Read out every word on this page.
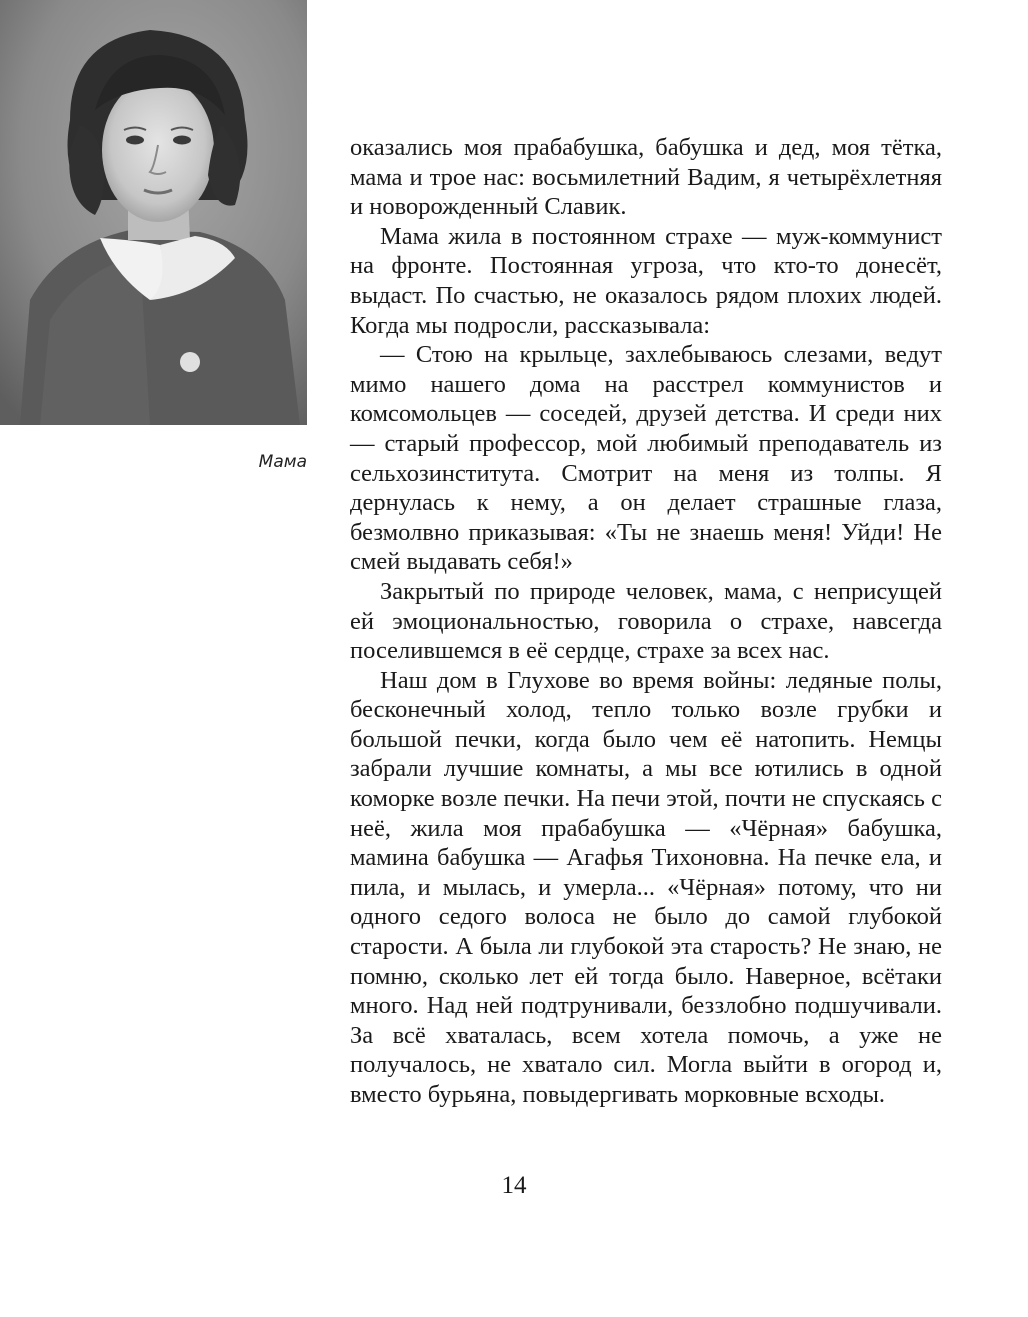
Мама

оказались моя прабабушка, бабушка и дед, моя тётка, мама и трое нас: восьмилетний Вадим, я четырёхлетняя и новорожденный Славик.

Мама жила в постоянном страхе — муж-коммунист на фронте. Постоянная угроза, что кто-то донесёт, выдаст. По счастью, не оказалось рядом плохих людей. Когда мы подросли, рассказывала:

— Стою на крыльце, захлебываюсь слезами, ведут мимо нашего дома на расстрел коммунистов и комсомольцев — соседей, друзей детства. И среди них — старый профессор, мой любимый преподаватель из сельхозинститута. Смотрит на меня из толпы. Я дернулась к нему, а он делает страшные глаза, безмолвно приказывая: «Ты не знаешь меня! Уйди! Не смей выдавать себя!»

Закрытый по природе человек, мама, с неприсущей ей эмоциональностью, говорила о страхе, навсегда поселившемся в её сердце, страхе за всех нас.

Наш дом в Глухове во время войны: ледяные полы, бесконечный холод, тепло только возле грубки и большой печки, когда было чем её натопить. Немцы забрали лучшие комнаты, а мы все ютились в одной коморке возле печки. На печи этой, почти не спускаясь с неё, жила моя прабабушка — «Чёрная» бабушка, мамина бабушка — Агафья Тихоновна. На печке ела, и пила, и мылась, и умерла... «Чёрная» потому, что ни одного седого волоса не было до самой глубокой старости. А была ли глубокой эта старость? Не знаю, не помню, сколько лет ей тогда было. Наверное, всётаки много. Над ней подтрунивали, беззлобно подшучивали. За всё хваталась, всем хотела помочь, а уже не получалось, не хватало сил. Могла выйти в огород и, вместо бурьяна, повыдергивать морковные всходы.

14
